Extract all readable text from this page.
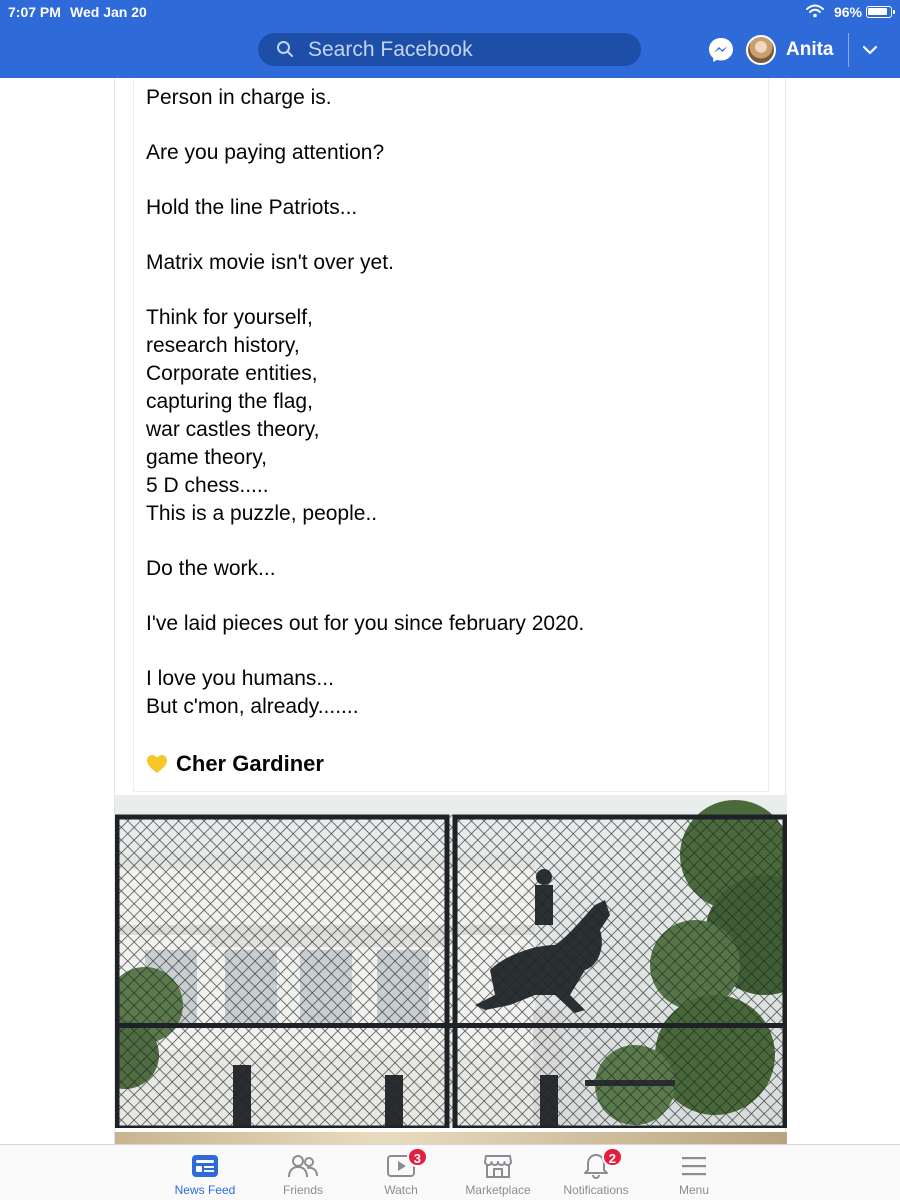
7:07 PM Wed Jan 20	96%
Search Facebook	Anita
Person in charge is.
Are you paying attention?
Hold the line Patriots...
Matrix movie isn't over yet.
Think for yourself,
research history,
Corporate entities,
capturing the flag,
war castles theory,
game theory,
5 D chess.....
This is a puzzle, people..
Do the work...
I've laid pieces out for you since february 2020.
I love you humans...
But c'mon, already.......
Cher Gardiner
News Feed	Friends
3
Watch	Marketplace
2
Notifications	Menu
